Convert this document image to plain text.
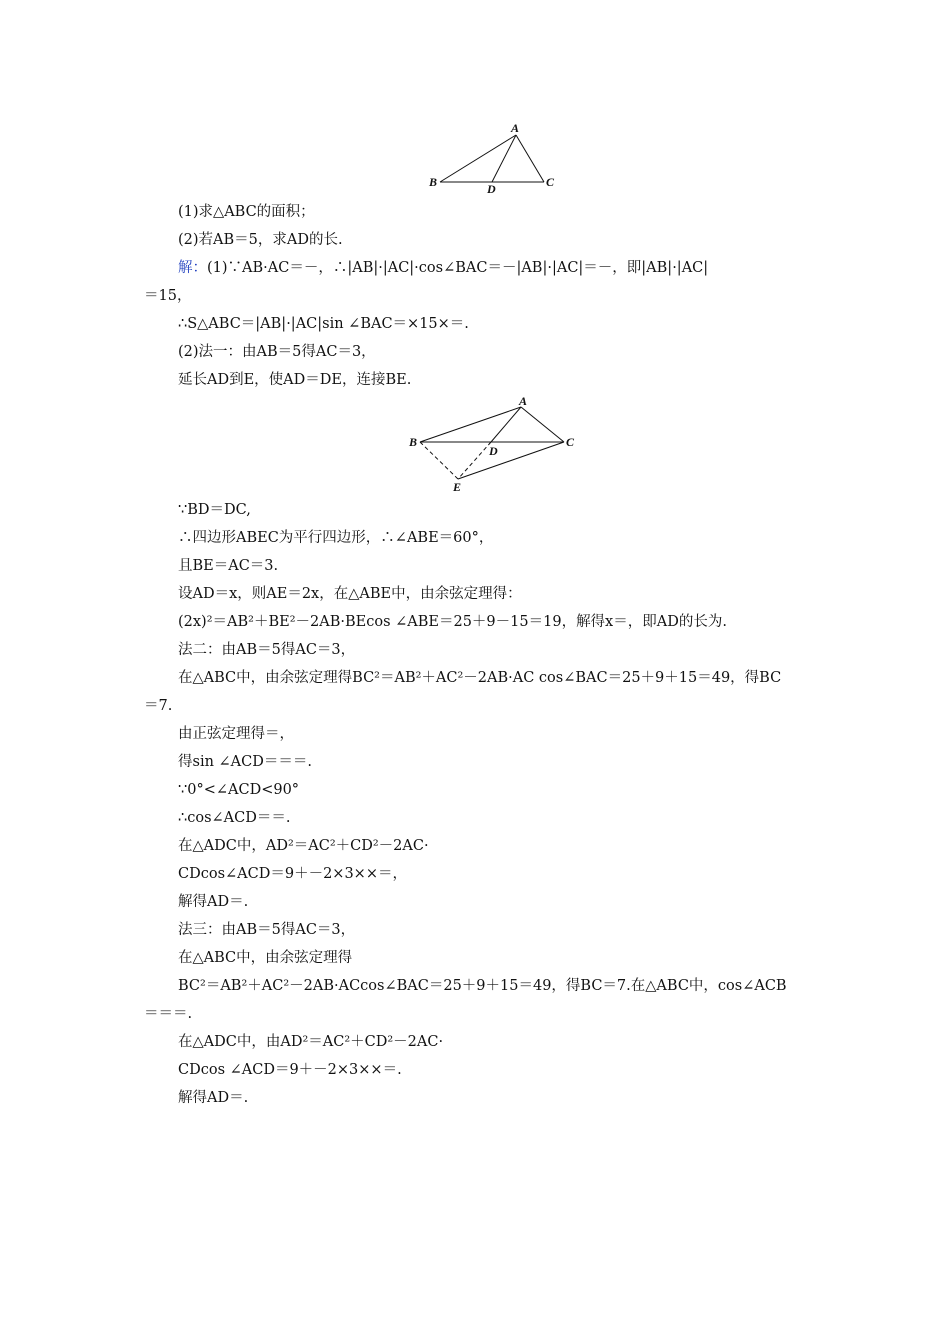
A
B	C
D
(1)求△ABC的面积；
(2)若AB＝5，求AD的长.
解：(1)∵AB·AC＝－，∴|AB|·|AC|·cos∠BAC＝－|AB|·|AC|＝－，即|AB|·|AC|
＝15，
∴S△ABC＝|AB|·|AC|sin ∠BAC＝×15×＝.
(2)法一：由AB＝5得AC＝3，
延长AD到E，使AD＝DE，连接BE.
A
B	C
D
E
∵BD＝DC,
∴四边形ABEC为平行四边形，∴∠ABE＝60°，
且BE＝AC＝3.
设AD＝x，则AE＝2x，在△ABE中，由余弦定理得：
(2x)²＝AB²＋BE²－2AB·BEcos ∠ABE＝25＋9－15＝19，解得x＝，即AD的长为.
法二：由AB＝5得AC＝3，
在△ABC中，由余弦定理得BC²＝AB²＋AC²－2AB·AC cos∠BAC＝25＋9＋15＝49，得BC
＝7.
由正弦定理得＝，
得sin ∠ACD＝＝＝.
∵0°<∠ACD<90°
∴cos∠ACD＝＝.
在△ADC中，AD²＝AC²＋CD²－2AC·
CDcos∠ACD＝9＋－2×3××＝，
解得AD＝.
法三：由AB＝5得AC＝3，
在△ABC中，由余弦定理得
BC²＝AB²＋AC²－2AB·ACcos∠BAC＝25＋9＋15＝49，得BC＝7.在△ABC中，cos∠ACB
＝＝＝.
在△ADC中，由AD²＝AC²＋CD²－2AC·
CDcos ∠ACD＝9＋－2×3××＝.
解得AD＝.
